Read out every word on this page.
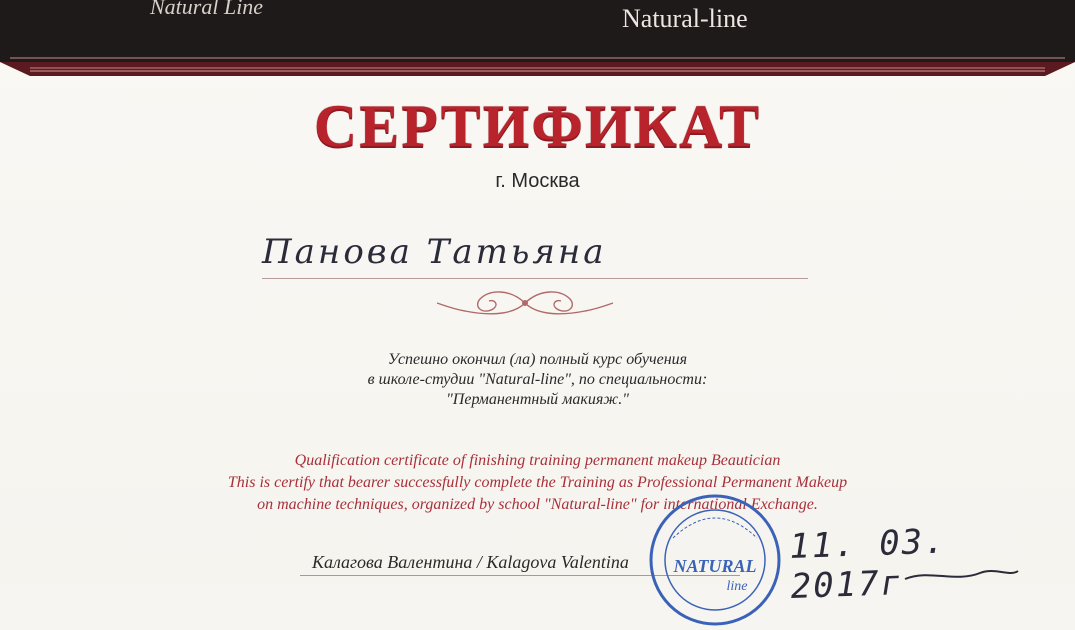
Natural Line	Natural-line
СЕРТИФИКАТ
г. Москва
Панова Татьяна
Успешно окончил (ла) полный курс обучения
в школе-студии "Natural-line", по специальности:
"Перманентный макияж."
Qualification certificate of finishing training permanent makeup Beautician
This is certify that bearer successfully complete the Training as Professional Permanent Makeup
on machine techniques, organized by school "Natural-line" for international Exchange.
Калагова Валентина / Kalagova Valentina NATURAL
line
11. 03. 2017г
